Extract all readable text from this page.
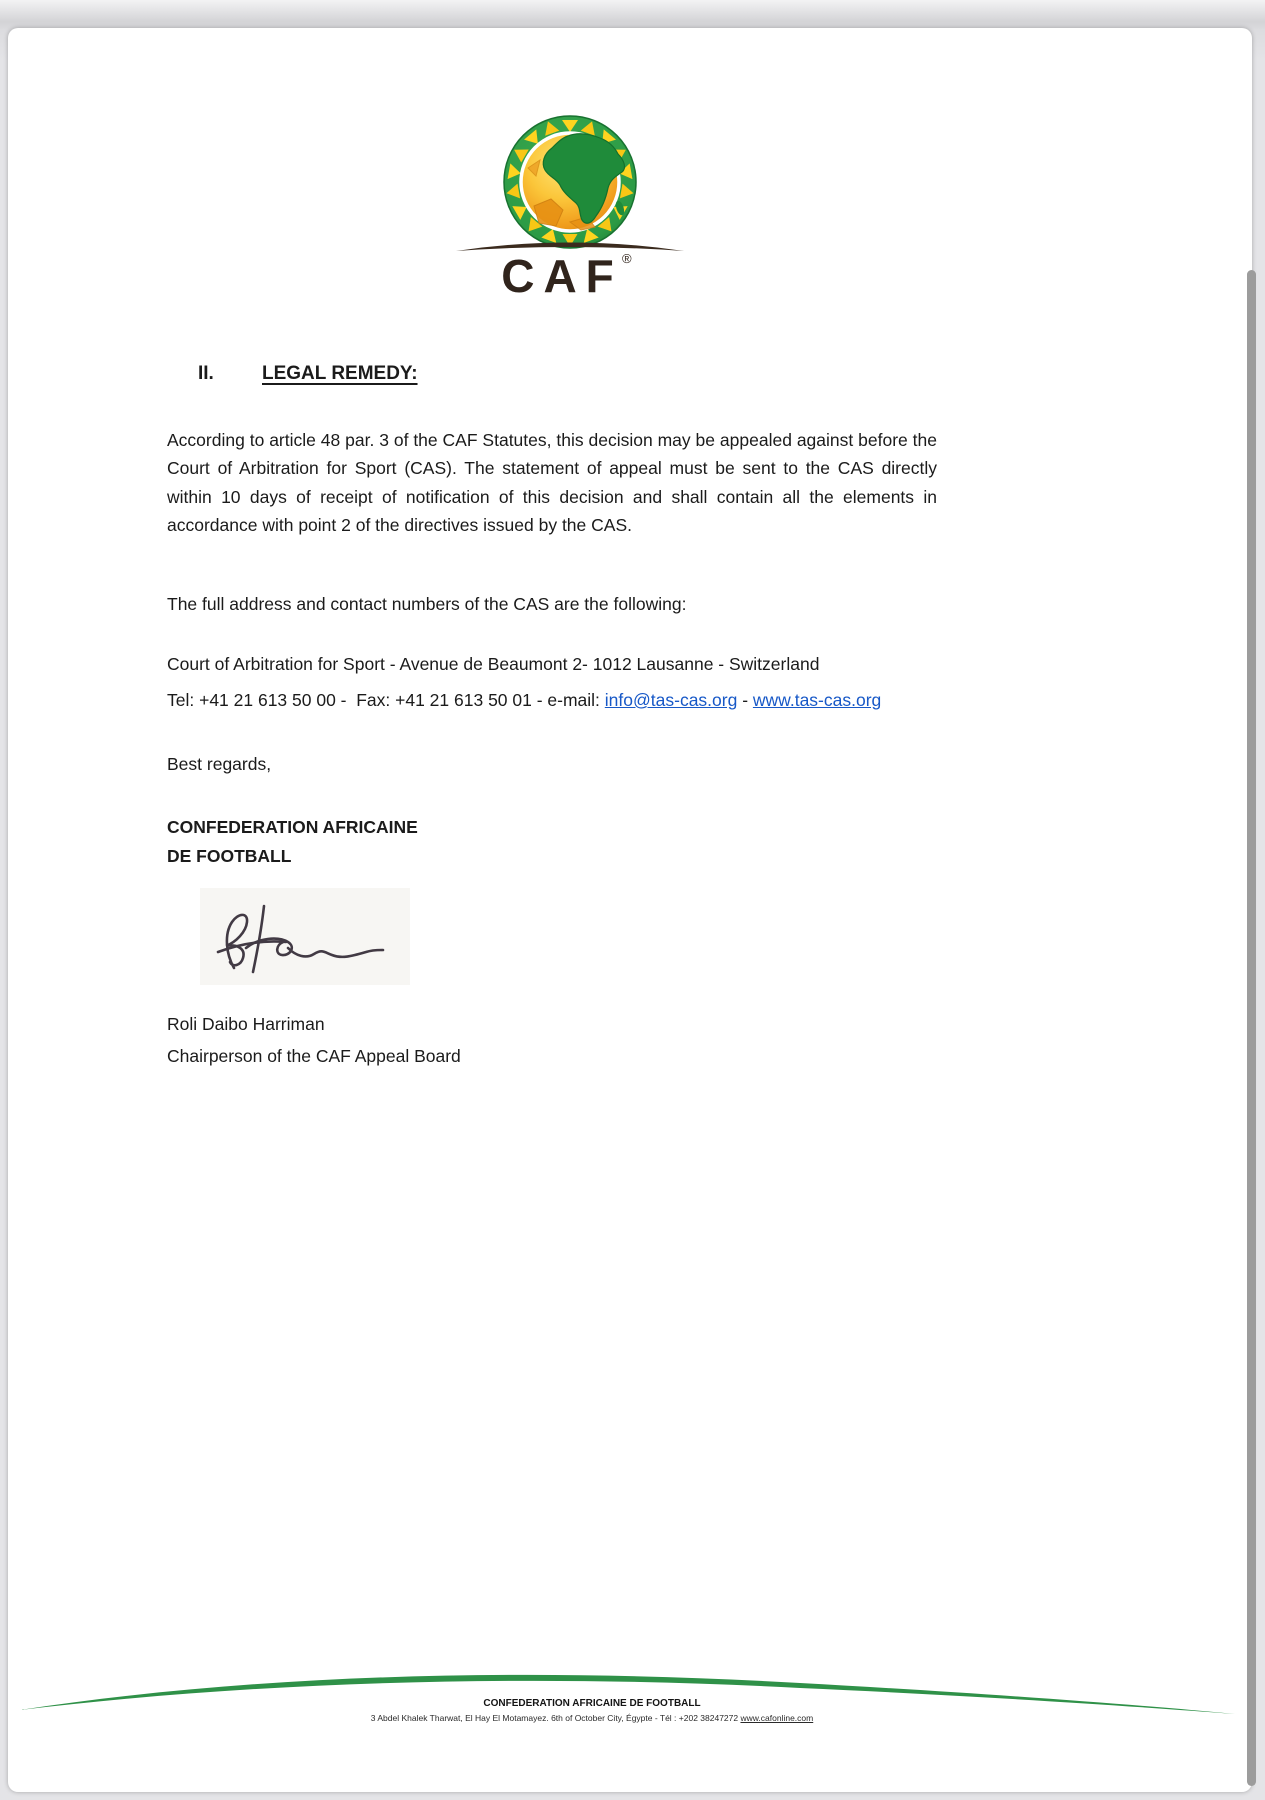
CAF ®
II.	LEGAL REMEDY:

According to article 48 par. 3 of the CAF Statutes, this decision may be appealed against before the Court of Arbitration for Sport (CAS). The statement of appeal must be sent to the CAS directly within 10 days of receipt of notification of this decision and shall contain all the elements in accordance with point 2 of the directives issued by the CAS.

The full address and contact numbers of the CAS are the following:

Court of Arbitration for Sport - Avenue de Beaumont 2- 1012 Lausanne - Switzerland

Tel: +41 21 613 50 00 -  Fax: +41 21 613 50 01 - e-mail: info@tas-cas.org - www.tas-cas.org

Best regards,

CONFEDERATION AFRICAINE

DE FOOTBALL

Roli Daibo Harriman

Chairperson of the CAF Appeal Board

CONFEDERATION AFRICAINE DE FOOTBALL
3 Abdel Khalek Tharwat, El Hay El Motamayez. 6th of October City, Égypte - Tél : +202 38247272 www.cafonline.com
